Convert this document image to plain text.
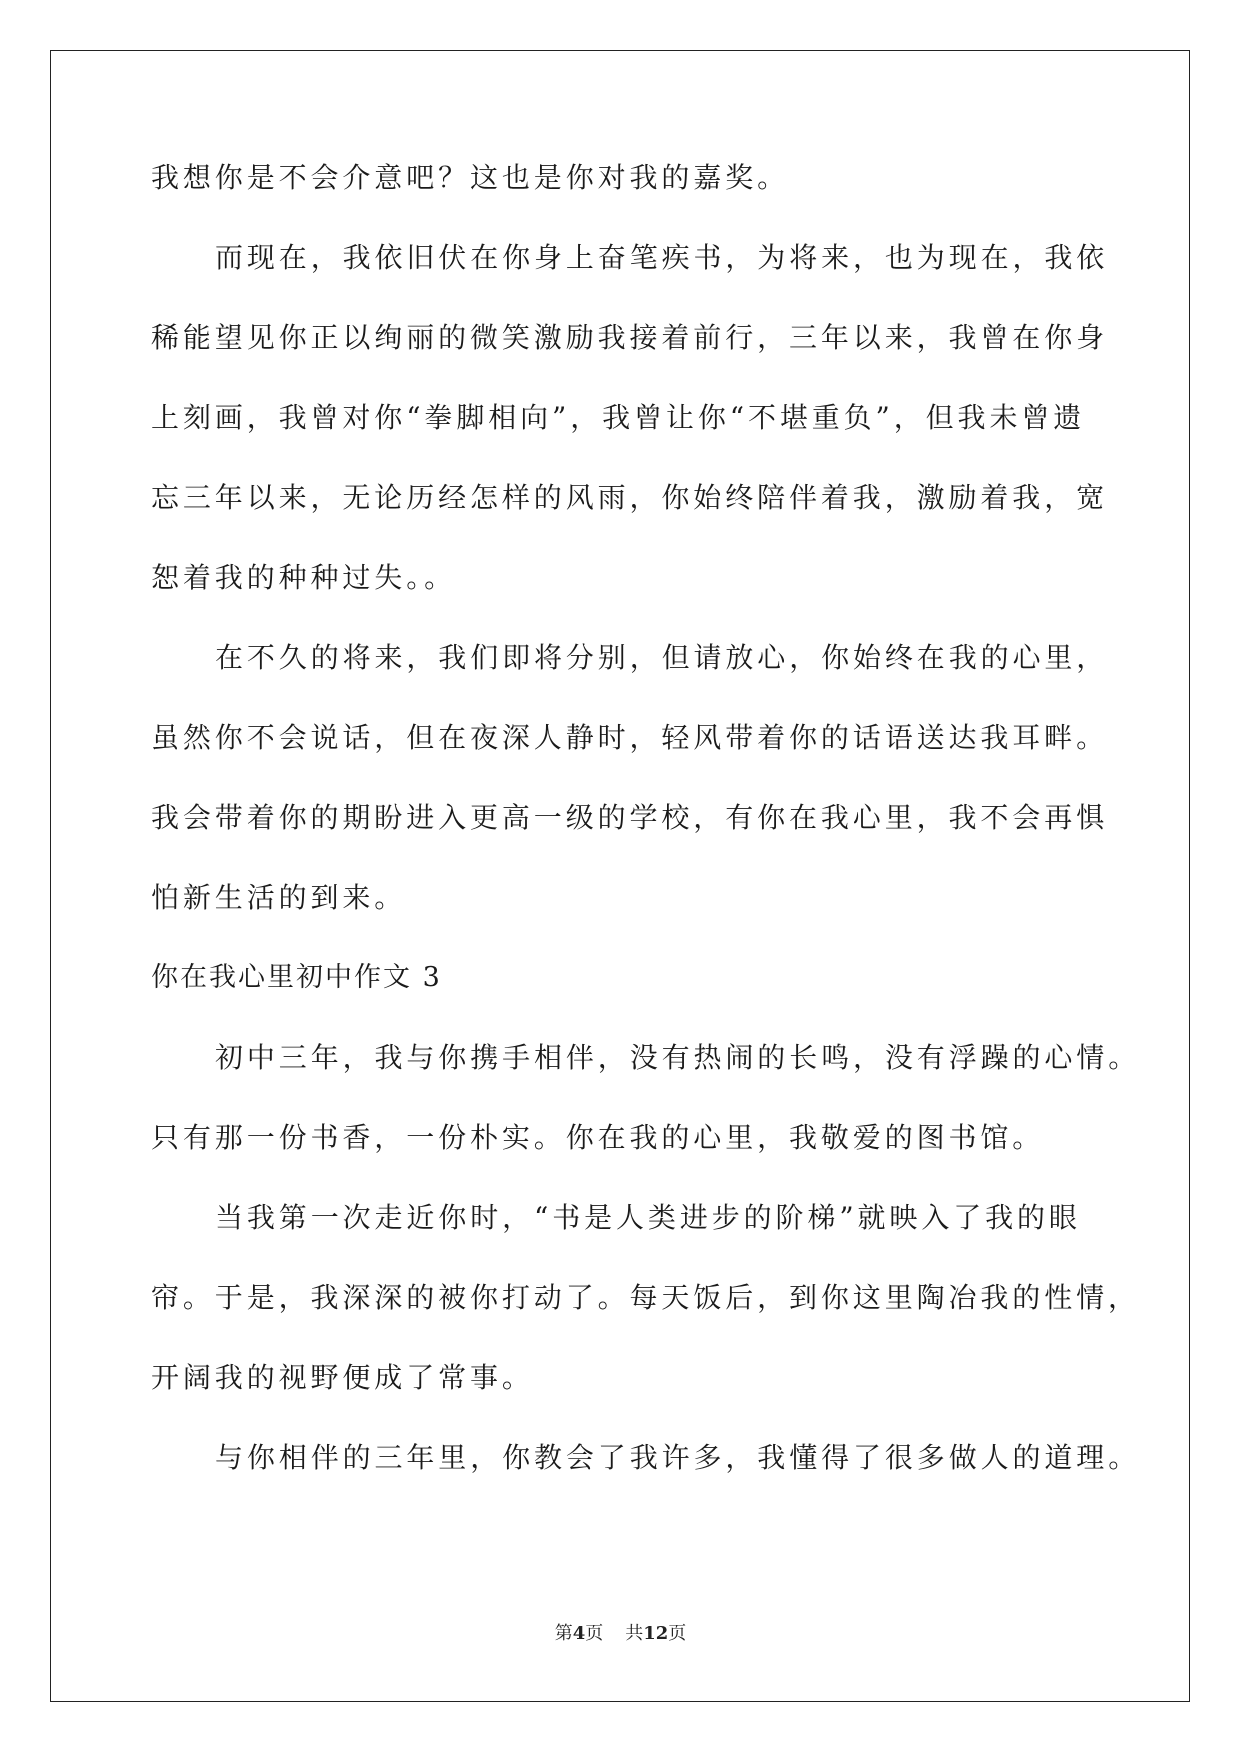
我想你是不会介意吧？这也是你对我的嘉奖。
而现在，我依旧伏在你身上奋笔疾书，为将来，也为现在，我依
稀能望见你正以绚丽的微笑激励我接着前行，三年以来，我曾在你身
上刻画，我曾对你“拳脚相向”，我曾让你“不堪重负”，但我未曾遗
忘三年以来，无论历经怎样的风雨，你始终陪伴着我，激励着我，宽
恕着我的种种过失。。
在不久的将来，我们即将分别，但请放心，你始终在我的心里，
虽然你不会说话，但在夜深人静时，轻风带着你的话语送达我耳畔。
我会带着你的期盼进入更高一级的学校，有你在我心里，我不会再惧
怕新生活的到来。
你在我心里初中作文 3
初中三年，我与你携手相伴，没有热闹的长鸣，没有浮躁的心情。
只有那一份书香，一份朴实。你在我的心里，我敬爱的图书馆。
当我第一次走近你时，“书是人类进步的阶梯”就映入了我的眼
帘。于是，我深深的被你打动了。每天饭后，到你这里陶冶我的性情，
开阔我的视野便成了常事。
与你相伴的三年里，你教会了我许多，我懂得了很多做人的道理。
第4页 共12页
